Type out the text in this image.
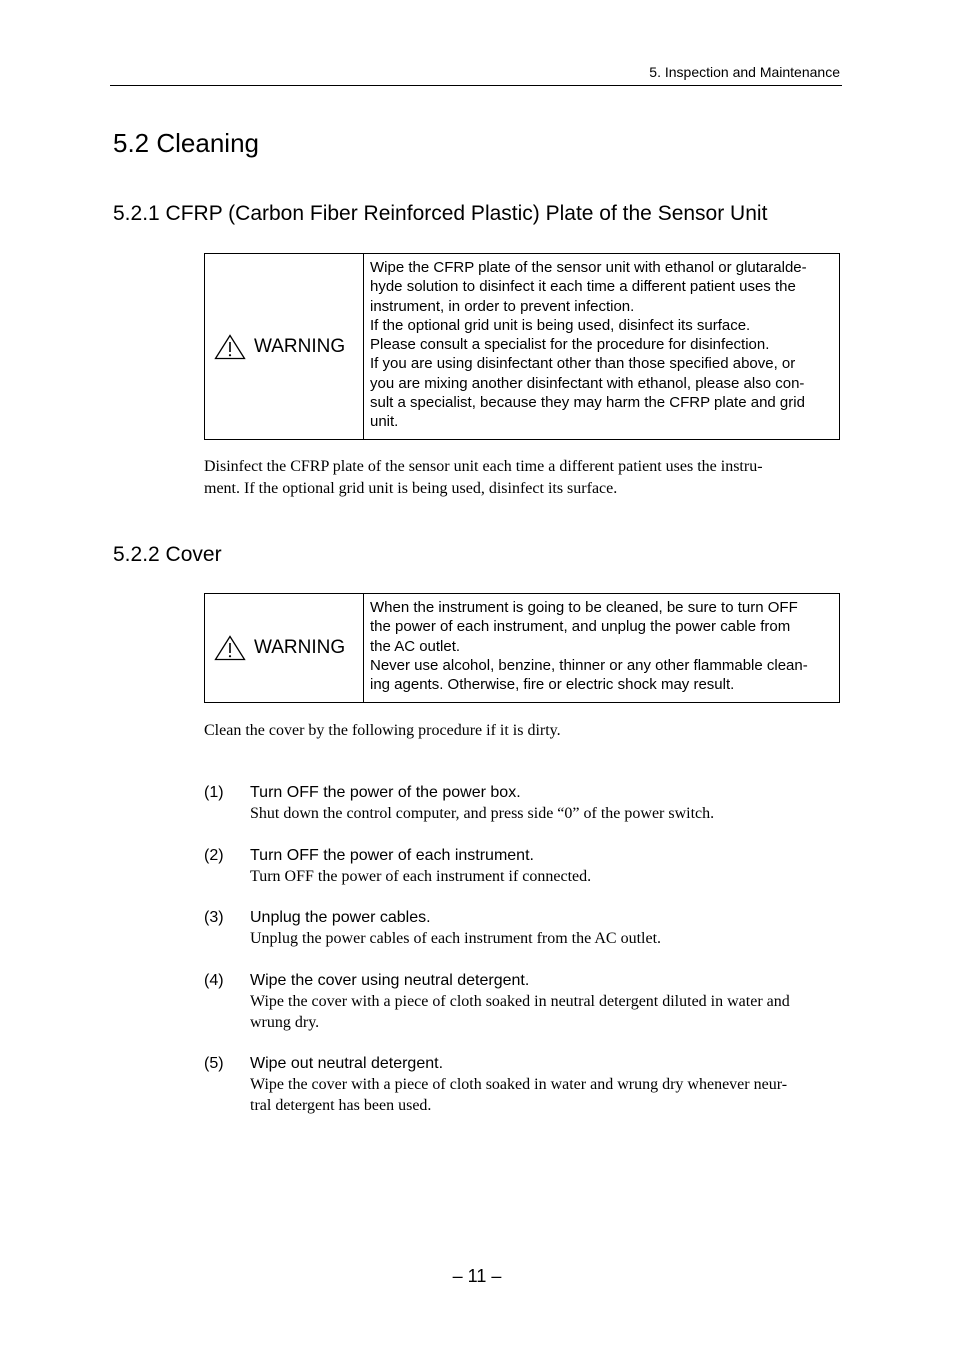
5. Inspection and Maintenance
5.2 Cleaning
5.2.1 CFRP (Carbon Fiber Reinforced Plastic) Plate of the Sensor Unit
WARNING
Wipe the CFRP plate of the sensor unit with ethanol or glutaralde-
hyde solution to disinfect it each time a different patient uses the
instrument, in order to prevent infection.
If the optional grid unit is being used, disinfect its surface.
Please consult a specialist for the procedure for disinfection.
If you are using disinfectant other than those specified above, or
you are mixing another disinfectant with ethanol, please also con-
sult a specialist, because they may harm the CFRP plate and grid
unit.
Disinfect the CFRP plate of the sensor unit each time a different patient uses the instru-
ment. If the optional grid unit is being used, disinfect its surface.
5.2.2 Cover
WARNING
When the instrument is going to be cleaned, be sure to turn OFF
the power of each instrument, and unplug the power cable from
the AC outlet.
Never use alcohol, benzine, thinner or any other flammable clean-
ing agents. Otherwise, fire or electric shock may result.
Clean the cover by the following procedure if it is dirty.
(1)	Turn OFF the power of the power box.
Shut down the control computer, and press side “0” of the power switch.
(2)	Turn OFF the power of each instrument.
Turn OFF the power of each instrument if connected.
(3)	Unplug the power cables.
Unplug the power cables of each instrument from the AC outlet.
(4)	Wipe the cover using neutral detergent.
Wipe the cover with a piece of cloth soaked in neutral detergent diluted in water and
wrung dry.
(5)	Wipe out neutral detergent.
Wipe the cover with a piece of cloth soaked in water and wrung dry whenever neur-
tral detergent has been used.
– 11 –
